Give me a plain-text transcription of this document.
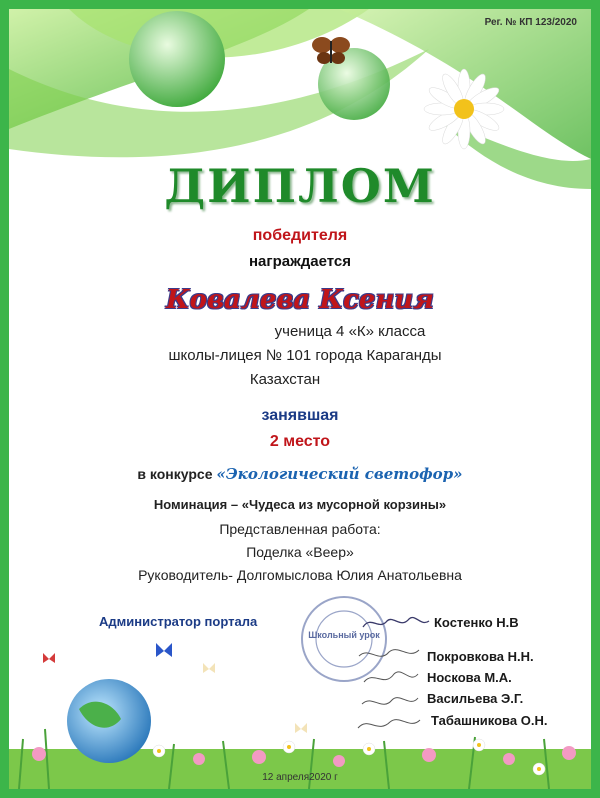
Рег. № КП 123/2020
ДИПЛОМ
победителя
награждается
Ковалева Ксения
ученица 4 «К» класса
школы-лицея № 101 города Караганды
Казахстан
занявшая
2 место
в конкурсе «Экологический светофор»
Номинация – «Чудеса из мусорной корзины»
Представленная работа:
Поделка «Веер»
Руководитель- Долгомыслова Юлия Анатольевна
Администратор портала
Школьный урок
Костенко Н.В
Покровкова Н.Н.
Носкова М.А.
Васильева Э.Г.
Табашникова О.Н.
12 апреля2020 г
